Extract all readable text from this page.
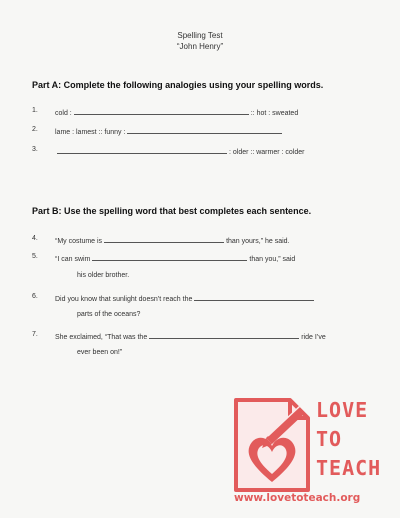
Spelling Test
“John Henry”
Part A: Complete the following analogies using your spelling words.
1. cold :	:: hot : sweated
2. lame : lamest :: funny :
3.	: older :: warmer : colder
Part B: Use the spelling word that best completes each sentence.
4. “My costume is	than yours,” he said.
5. “I can swim	than you,” said
his older brother.
6. Did you know that sunlight doesn’t reach the
parts of the oceans?
7. She exclaimed, “That was the	ride I’ve
ever been on!”
LOVE
TO
TEACH
www.lovetoteach.org
